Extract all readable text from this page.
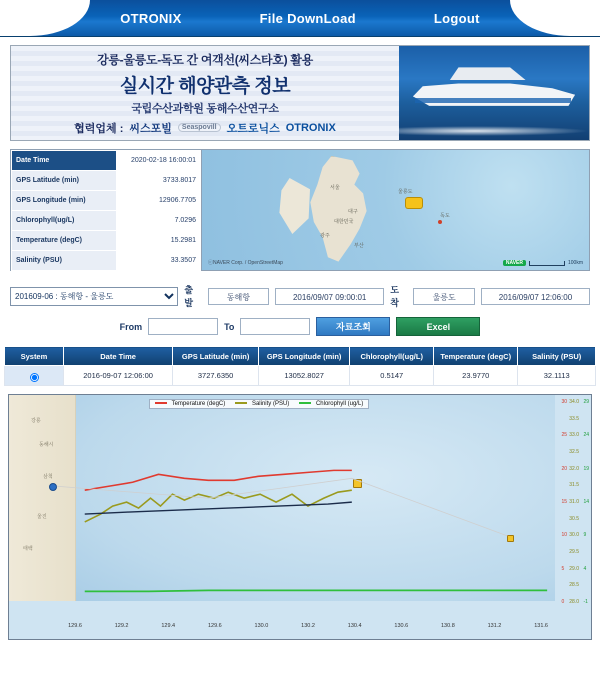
OTRONIX	File DownLoad	Logout
강릉-울릉도-독도 간 여객선(씨스타호) 활용
실시간 해양관측 정보
국립수산과학원 동해수산연구소
협력업체 : 씨스포빌	Seaspovill 오트로닉스 OTRONIX
Date Time	2020-02-18 16:00:01
GPS Latitude (min)	3733.8017
GPS Longitude (min)	12906.7705
Chlorophyll(ug/L)	7.0296
Temperature (degC)	15.2981
Salinity (PSU)	33.3507
서울
대한민국
부산
대구
광주
독도
울릉도
ⓒNAVER Corp. / OpenStreetMap	NAVER	100km
201609-06 : 동해항 - 울릉도
출발
동해항	2016/09/07 09:00:01
도착
울릉도	2016/09/07 12:06:00
From	To	자료조회	Excel
System	Date Time	GPS Latitude (min)	GPS Longitude (min)	Chlorophyll(ug/L)	Temperature (degC)	Salinity (PSU)
	2016-09-07 12:06:00	3727.6350	13052.8027	0.5147	23.9770	32.1113
동해시
강릉
삼척
울진
태백
Temperature (degC)	Salinity (PSU)	Chlorophyll (ug/L)	30
25
20
15
10
5
0
34.0
33.5
33.0
32.5
32.0
31.5
31.0
30.5
30.0
29.5
29.0
28.5
28.0
29
24
19
14
9
4
-1
129.6	129.2	129.4	129.6	130.0	130.2	130.4	130.6	130.8	131.2	131.6
